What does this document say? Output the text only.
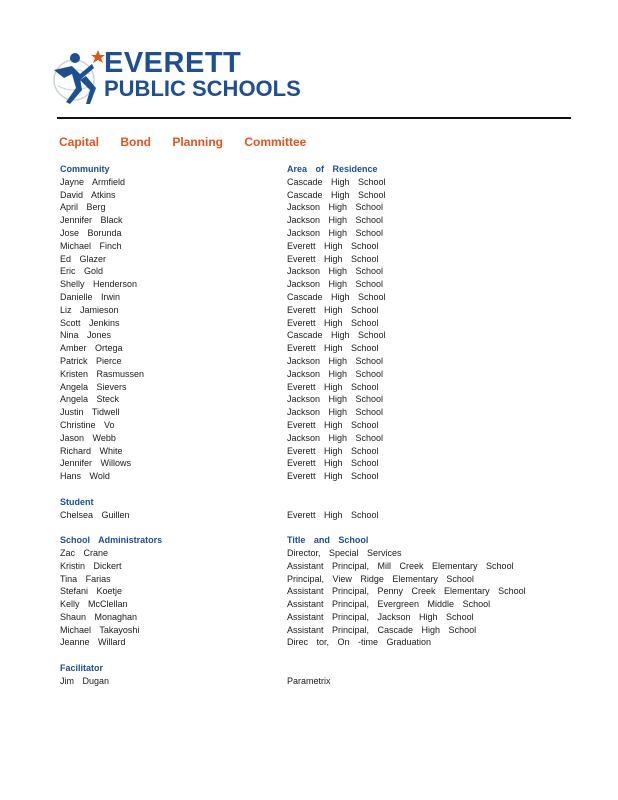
EVERETT
PUBLIC SCHOOLS
Capital Bond Planning Committee
Community
Jayne Armfield
David Atkins
April Berg
Jennifer Black
Jose Borunda
Michael Finch
Ed Glazer
Eric Gold
Shelly Henderson
Danielle Irwin
Liz Jamieson
Scott Jenkins
Nina Jones
Amber Ortega
Patrick Pierce
Kristen Rasmussen
Angela Sievers
Angela Steck
Justin Tidwell
Christine Vo
Jason Webb
Richard White
Jennifer Willows
Hans Wold
Student
Chelsea Guillen
School Administrators
Zac Crane
Kristin Dickert
Tina Farias
Stefani Koetje
Kelly McClellan
Shaun Monaghan
Michael Takayoshi
Jeanne Willard
Facilitator
Jim Dugan
Area of Residence
Cascade High School
Cascade High School
Jackson High School
Jackson High School
Jackson High School
Everett High School
Everett High School
Jackson High School
Jackson High School
Cascade High School
Everett High School
Everett High School
Cascade High School
Everett High School
Jackson High School
Jackson High School
Everett High School
Jackson High School
Jackson High School
Everett High School
Jackson High School
Everett High School
Everett High School
Everett High School

Everett High School
Title and School
Director, Special Services
Assistant Principal, Mill Creek Elementary School
Principal, View Ridge Elementary School
Assistant Principal, Penny Creek Elementary School
Assistant Principal, Evergreen Middle School
Assistant Principal, Jackson High School
Assistant Principal, Cascade High School
Direc tor, On -time Graduation

Parametrix
